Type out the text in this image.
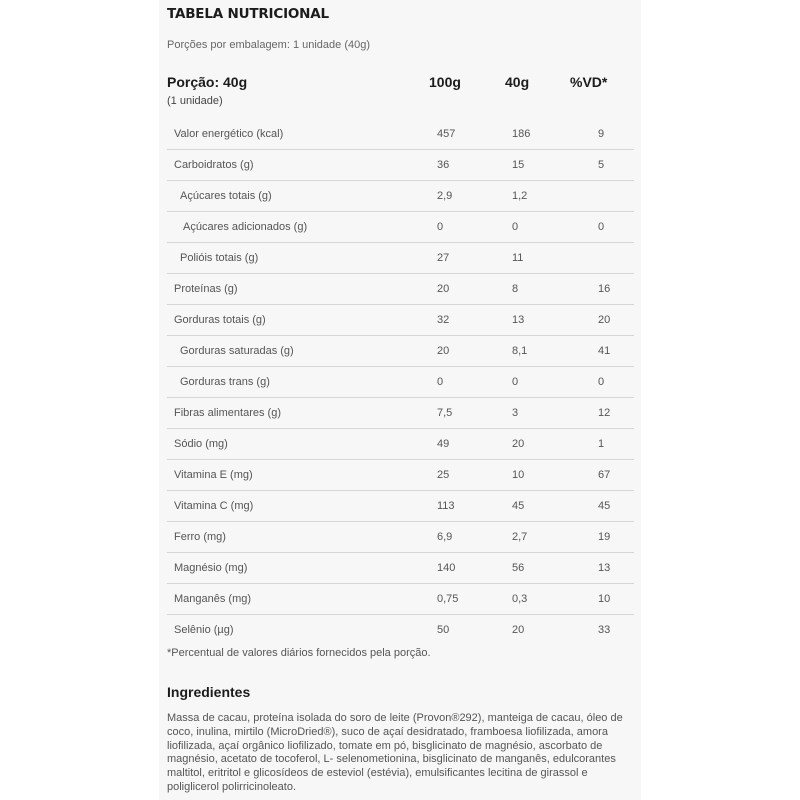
TABELA NUTRICIONAL
Porções por embalagem: 1 unidade (40g)
Porção: 40g
(1 unidade)
100g	40g	%VD*
Valor energético (kcal)	457	186	9
Carboidratos (g)	36	15	5
Açúcares totais (g)	2,9	1,2
Açúcares adicionados (g)	0	0	0
Polióis totais (g)	27	11
Proteínas (g)	20	8	16
Gorduras totais (g)	32	13	20
Gorduras saturadas (g)	20	8,1	41
Gorduras trans (g)	0	0	0
Fibras alimentares (g)	7,5	3	12
Sódio (mg)	49	20	1
Vitamina E (mg)	25	10	67
Vitamina C (mg)	113	45	45
Ferro (mg)	6,9	2,7	19
Magnésio (mg)	140	56	13
Manganês (mg)	0,75	0,3	10
Selênio (µg)	50	20	33
*Percentual de valores diários fornecidos pela porção.
Ingredientes
Massa de cacau, proteína isolada do soro de leite (Provon®292), manteiga de cacau, óleo de coco, inulina, mirtilo (MicroDried®), suco de açaí desidratado, framboesa liofilizada, amora liofilizada, açaí orgânico liofilizado, tomate em pó, bisglicinato de magnésio, ascorbato de magnésio, acetato de tocoferol, L- selenometionina, bisglicinato de manganês, edulcorantes maltitol, eritritol e glicosídeos de esteviol (estévia), emulsificantes lecitina de girassol e poliglicerol polirricinoleato.
